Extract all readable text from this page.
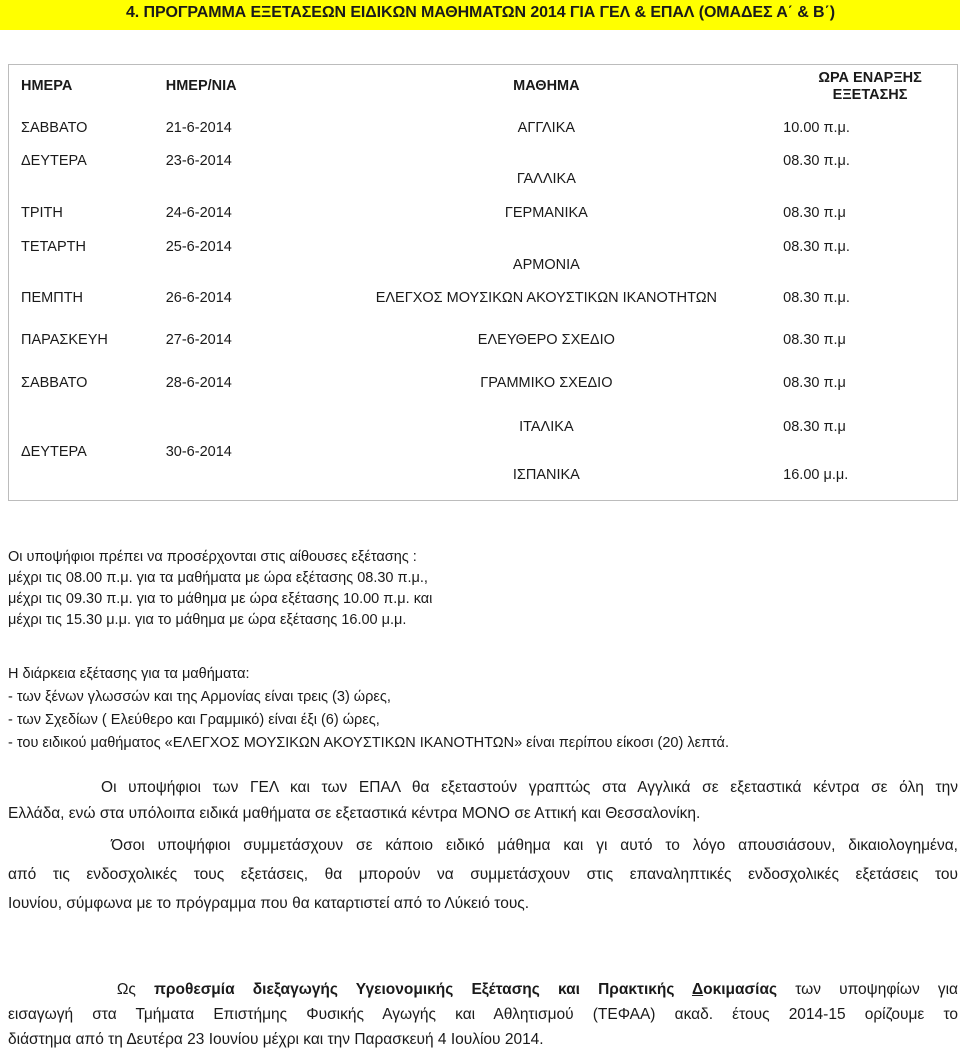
4. ΠΡΟΓΡΑΜΜΑ ΕΞΕΤΑΣΕΩΝ ΕΙΔΙΚΩΝ ΜΑΘΗΜΑΤΩΝ 2014 ΓΙΑ ΓΕΛ & ΕΠΑΛ (ΟΜΑΔΕΣ Α΄ & Β΄)
ΗΜΕΡΑ	ΗΜΕΡ/ΝΙΑ	ΜΑΘΗΜΑ	ΩΡΑ ΕΝΑΡΞΗΣ ΕΞΕΤΑΣΗΣ
ΣΑΒΒΑΤΟ	21-6-2014	ΑΓΓΛΙΚΑ	10.00 π.μ.
ΔΕΥΤΕΡΑ	23-6-2014	ΓΑΛΛΙΚΑ	08.30 π.μ.
ΤΡΙΤΗ	24-6-2014	ΓΕΡΜΑΝΙΚΑ	08.30 π.μ
ΤΕΤΑΡΤΗ	25-6-2014	ΑΡΜΟΝΙΑ	08.30 π.μ.
ΠΕΜΠΤΗ	26-6-2014	ΕΛΕΓΧΟΣ ΜΟΥΣΙΚΩΝ ΑΚΟΥΣΤΙΚΩΝ ΙΚΑΝΟΤΗΤΩΝ	08.30 π.μ.
ΠΑΡΑΣΚΕΥΗ	27-6-2014	ΕΛΕΥΘΕΡΟ ΣΧΕΔΙΟ	08.30 π.μ
ΣΑΒΒΑΤΟ	28-6-2014	ΓΡΑΜΜΙΚΟ ΣΧΕΔΙΟ	08.30 π.μ
ΔΕΥΤΕΡΑ	30-6-2014	ΙΤΑΛΙΚΑ	08.30 π.μ
		ΙΣΠΑΝΙΚΑ	16.00 μ.μ.
Οι υποψήφιοι πρέπει να προσέρχονται στις αίθουσες εξέτασης :
μέχρι τις 08.00 π.μ. για τα μαθήματα με ώρα εξέτασης 08.30 π.μ.,
μέχρι τις 09.30 π.μ. για το μάθημα με ώρα εξέτασης 10.00 π.μ. και
μέχρι τις 15.30 μ.μ. για το μάθημα με ώρα εξέτασης 16.00 μ.μ.
Η διάρκεια εξέτασης για τα μαθήματα:
- των ξένων γλωσσών και της Αρμονίας είναι τρεις (3) ώρες,
- των Σχεδίων ( Ελεύθερο και Γραμμικό) είναι έξι (6) ώρες,
- του ειδικού μαθήματος «ΕΛΕΓΧΟΣ ΜΟΥΣΙΚΩΝ ΑΚΟΥΣΤΙΚΩΝ ΙΚΑΝΟΤΗΤΩΝ» είναι περίπου είκοσι (20) λεπτά.
Οι υποψήφιοι των ΓΕΛ και των ΕΠΑΛ θα εξεταστούν γραπτώς στα Αγγλικά σε εξεταστικά κέντρα σε όλη την
Ελλάδα, ενώ στα υπόλοιπα ειδικά μαθήματα σε εξεταστικά κέντρα ΜΟΝΟ σε Αττική και Θεσσαλονίκη.
Όσοι υποψήφιοι συμμετάσχουν σε κάποιο ειδικό μάθημα και γι αυτό το λόγο απουσιάσουν, δικαιολογημένα,
από τις ενδοσχολικές τους εξετάσεις, θα μπορούν να συμμετάσχουν στις επαναληπτικές ενδοσχολικές εξετάσεις του
Ιουνίου, σύμφωνα με το πρόγραμμα που θα καταρτιστεί από το Λύκειό τους.
Ως προθεσμία διεξαγωγής Υγειονομικής Εξέτασης και Πρακτικής Δοκιμασίας των υποψηφίων για
εισαγωγή στα Τμήματα Επιστήμης Φυσικής Αγωγής και Αθλητισμού (ΤΕΦΑΑ) ακαδ. έτους 2014-15 ορίζουμε το
διάστημα από τη Δευτέρα 23 Ιουνίου μέχρι και την Παρασκευή 4 Ιουλίου 2014.
